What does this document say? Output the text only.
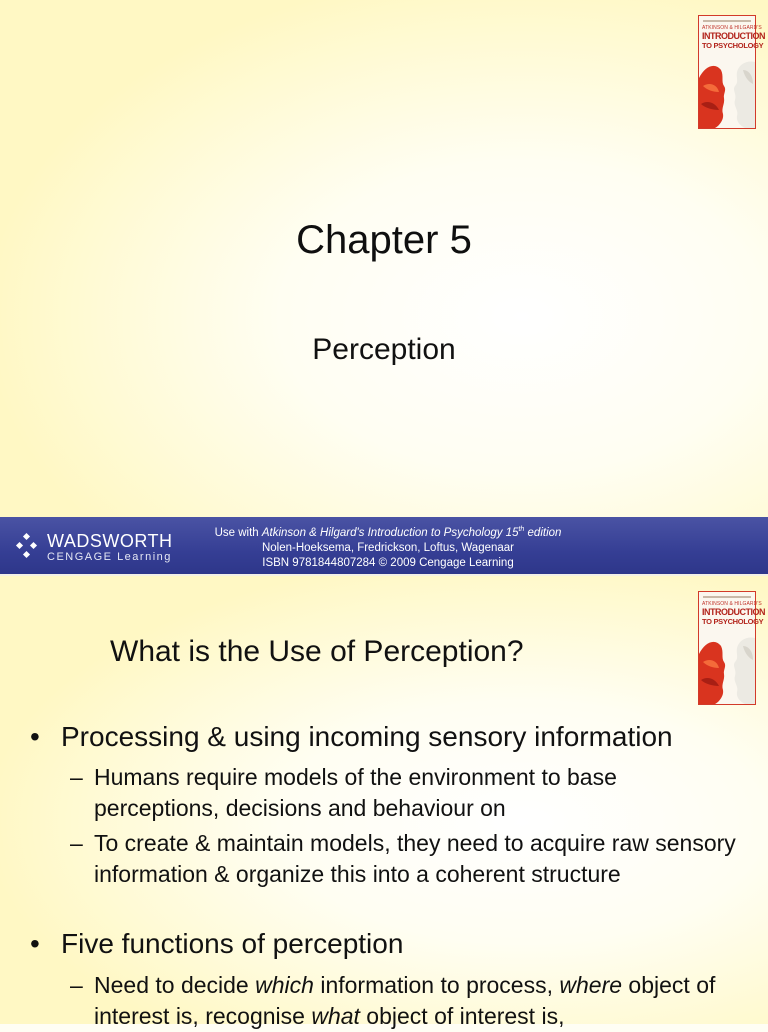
ATKINSON & HILGARD'S
INTRODUCTION
TO PSYCHOLOGY
Chapter 5
Perception
WADSWORTH
CENGAGE Learning
Use with Atkinson & Hilgard's Introduction to Psychology 15th edition
Nolen-Hoeksema, Fredrickson, Loftus, Wagenaar
ISBN 9781844807284 © 2009 Cengage Learning
ATKINSON & HILGARD'S
INTRODUCTION
TO PSYCHOLOGY
What is the Use of Perception?
• Processing & using incoming sensory information
– Humans require models of the environment to base perceptions, decisions and behaviour on
– To create & maintain models, they need to acquire raw sensory information & organize this into a coherent structure
• Five functions of perception
– Need to decide which information to process, where object of interest is, recognise what object of interest is,
